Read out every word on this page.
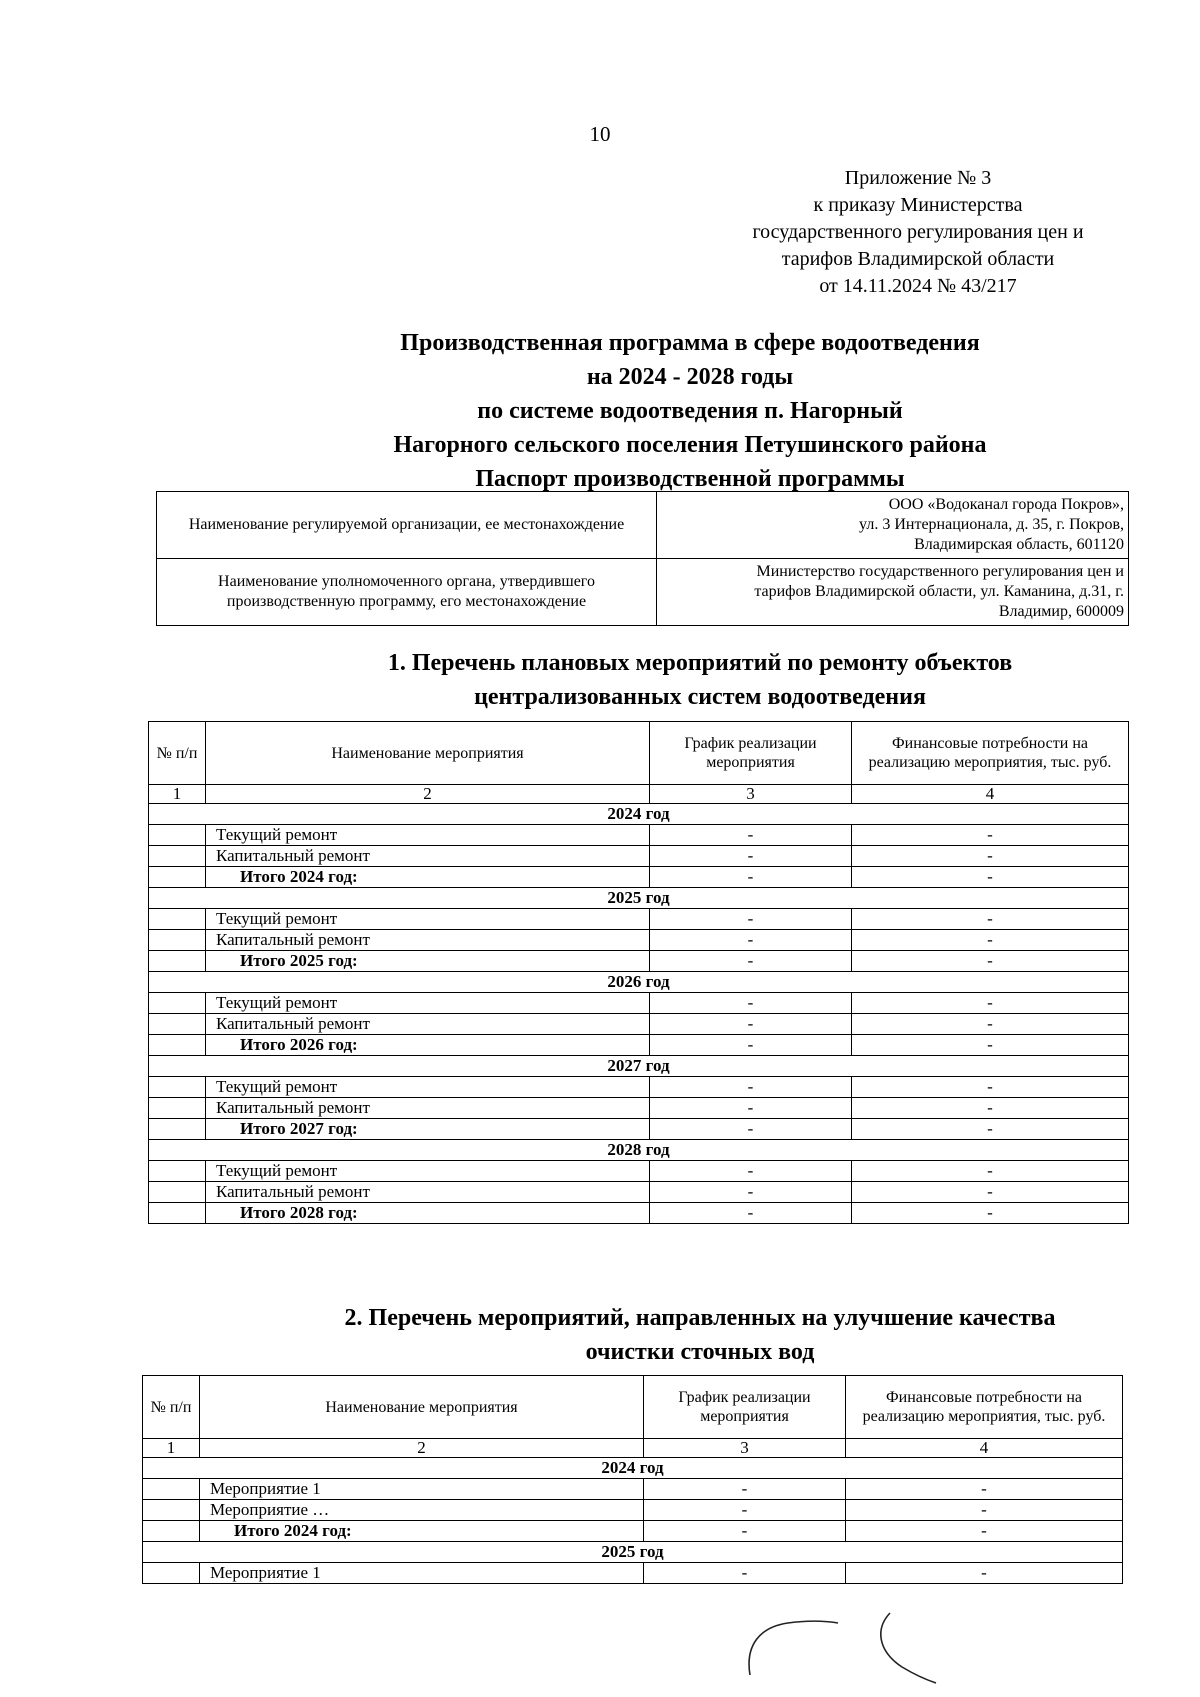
10
Приложение № 3
к приказу Министерства
государственного регулирования цен и
тарифов Владимирской области
от 14.11.2024 № 43/217
Производственная программа в сфере водоотведения
на 2024 - 2028 годы
по системе водоотведения п. Нагорный
Нагорного сельского поселения Петушинского района
Паспорт производственной программы
Наименование регулируемой организации, ее местонахождение	ООО «Водоканал города Покров»,
ул. 3 Интернационала, д. 35, г. Покров,
Владимирская область, 601120

Наименование уполномоченного органа, утвердившего производственную программу, его местонахождение	Министерство государственного регулирования цен и
тарифов Владимирской области, ул. Каманина, д.31, г.
Владимир, 600009
1. Перечень плановых мероприятий по ремонту объектов
централизованных систем водоотведения
№ п/п	Наименование мероприятия	График реализации мероприятия	Финансовые потребности на реализацию мероприятия, тыс. руб.
1	2	3	4
2024 год			
	Текущий ремонт	-	-
	Капитальный ремонт	-	-
	Итого 2024 год:	-	-
2025 год			
	Текущий ремонт	-	-
	Капитальный ремонт	-	-
	Итого 2025 год:	-	-
2026 год			
	Текущий ремонт	-	-
	Капитальный ремонт	-	-
	Итого 2026 год:	-	-
2027 год			
	Текущий ремонт	-	-
	Капитальный ремонт	-	-
	Итого 2027 год:	-	-
2028 год			
	Текущий ремонт	-	-
	Капитальный ремонт	-	-
	Итого 2028 год:	-	-
2. Перечень мероприятий, направленных на улучшение качества
очистки сточных вод
№ п/п	Наименование мероприятия	График реализации мероприятия	Финансовые потребности на реализацию мероприятия, тыс. руб.
1	2	3	4
2024 год			
	Мероприятие 1	-	-
	Мероприятие …	-	-
	Итого 2024 год:	-	-
2025 год			
	Мероприятие 1	-	-
